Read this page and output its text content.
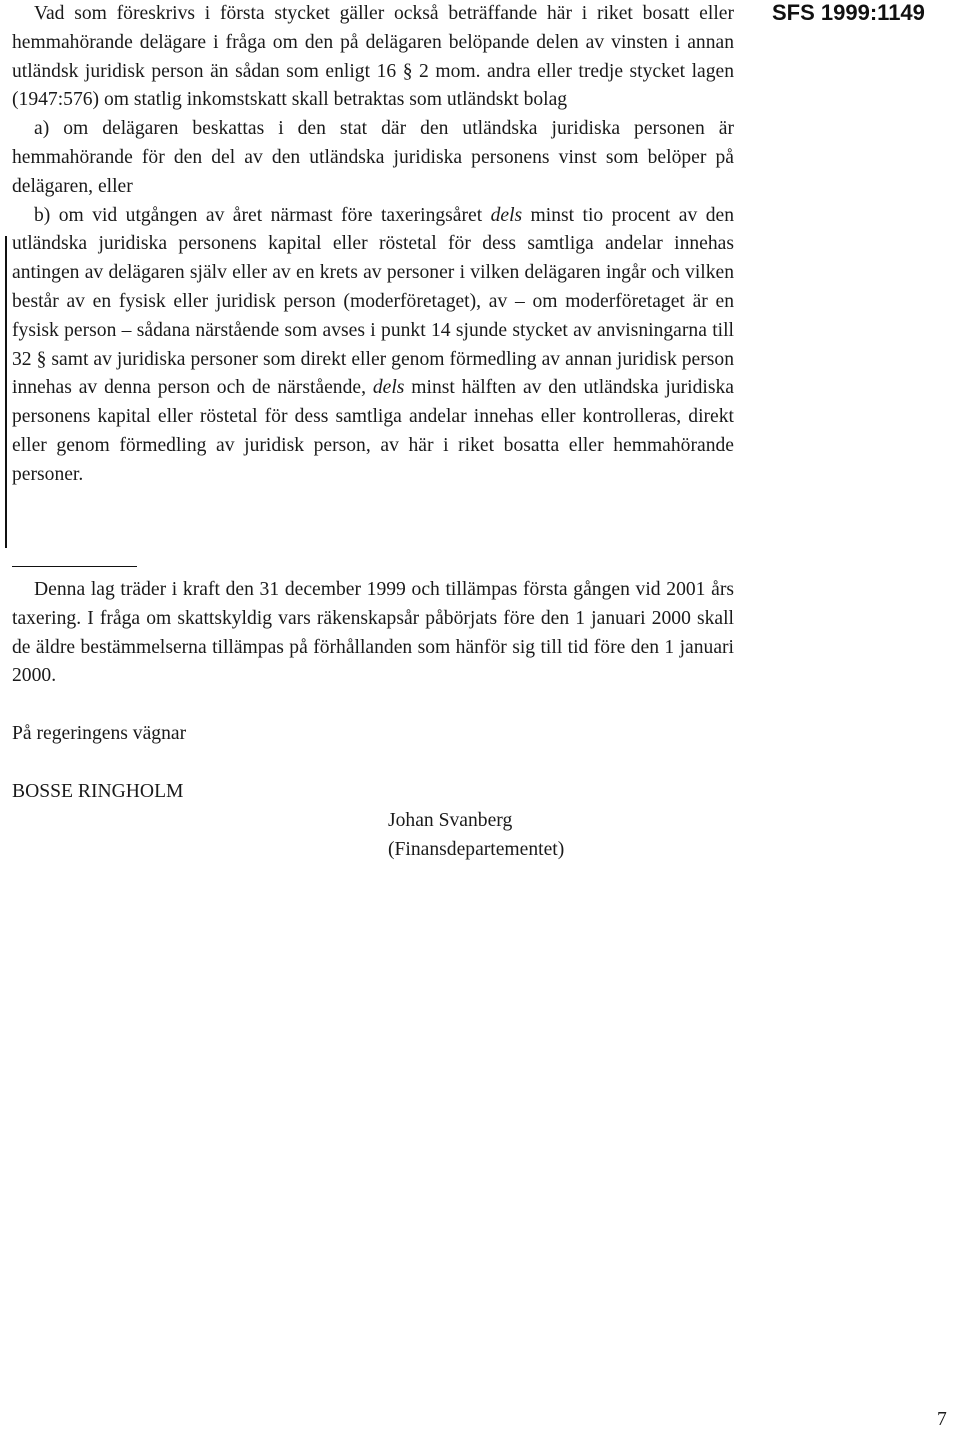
SFS 1999:1149

Vad som föreskrivs i första stycket gäller också beträffande här i riket bosatt eller hemmahörande delägare i fråga om den på delägaren belöpande delen av vinsten i annan utländsk juridisk person än sådan som enligt 16 § 2 mom. andra eller tredje stycket lagen (1947:576) om statlig inkomstskatt skall betraktas som utländskt bolag

a) om delägaren beskattas i den stat där den utländska juridiska personen är hemmahörande för den del av den utländska juridiska personens vinst som belöper på delägaren, eller

b) om vid utgången av året närmast före taxeringsåret dels minst tio procent av den utländska juridiska personens kapital eller röstetal för dess samtliga andelar innehas antingen av delägaren själv eller av en krets av personer i vilken delägaren ingår och vilken består av en fysisk eller juridisk person (moderföretaget), av – om moderföretaget är en fysisk person – sådana närstående som avses i punkt 14 sjunde stycket av anvisningarna till 32 § samt av juridiska personer som direkt eller genom förmedling av annan juridisk person innehas av denna person och de närstående, dels minst hälften av den utländska juridiska personens kapital eller röstetal för dess samtliga andelar innehas eller kontrolleras, direkt eller genom förmedling av juridisk person, av här i riket bosatta eller hemmahörande personer.

Denna lag träder i kraft den 31 december 1999 och tillämpas första gången vid 2001 års taxering. I fråga om skattskyldig vars räkenskapsår påbörjats före den 1 januari 2000 skall de äldre bestämmelserna tillämpas på förhållanden som hänför sig till tid före den 1 januari 2000.

På regeringens vägnar

BOSSE RINGHOLM

Johan Svanberg

(Finansdepartementet)

7
